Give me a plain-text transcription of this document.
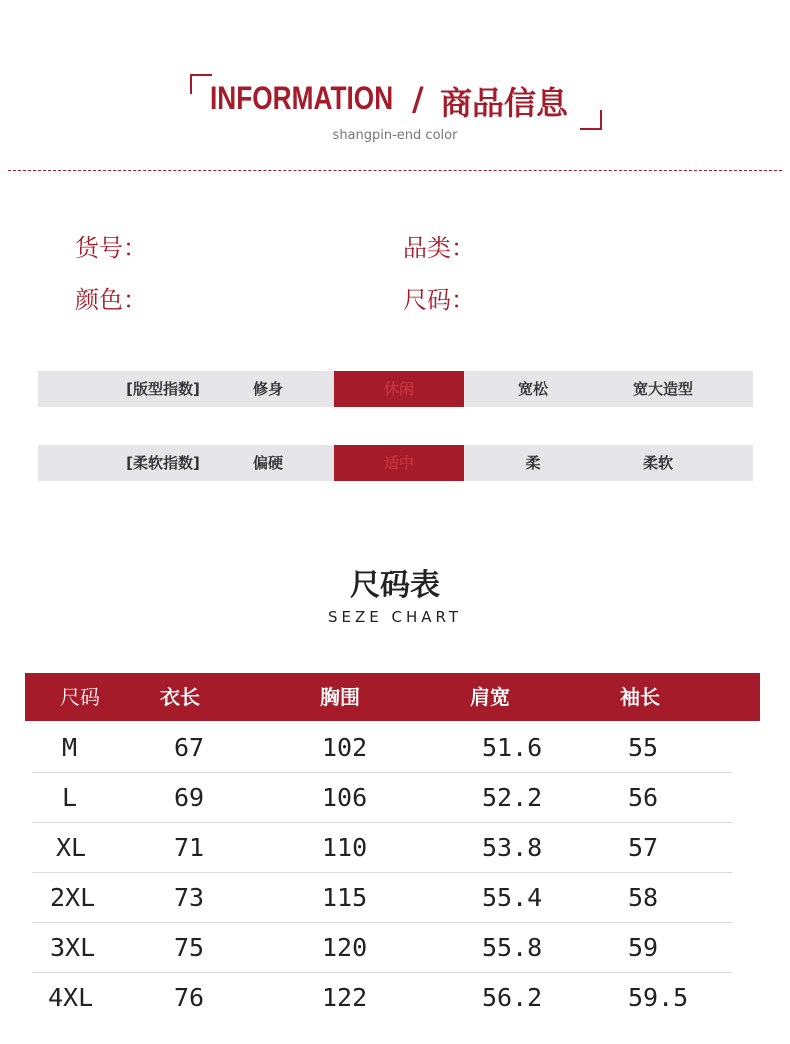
INFORMATION / 商品信息
shangpin-end color
货号：	品类：
颜色：	尺码：
[版型指数]	修身	休闲	宽松	宽大造型
[柔软指数]	偏硬	适中	柔	柔软
尺码表
SEZE CHART
尺码	衣长	胸围	肩宽	袖长
M	67	102	51.6	55
L	69	106	52.2	56
XL	71	110	53.8	57
2XL	73	115	55.4	58
3XL	75	120	55.8	59
4XL	76	122	56.2	59.5
